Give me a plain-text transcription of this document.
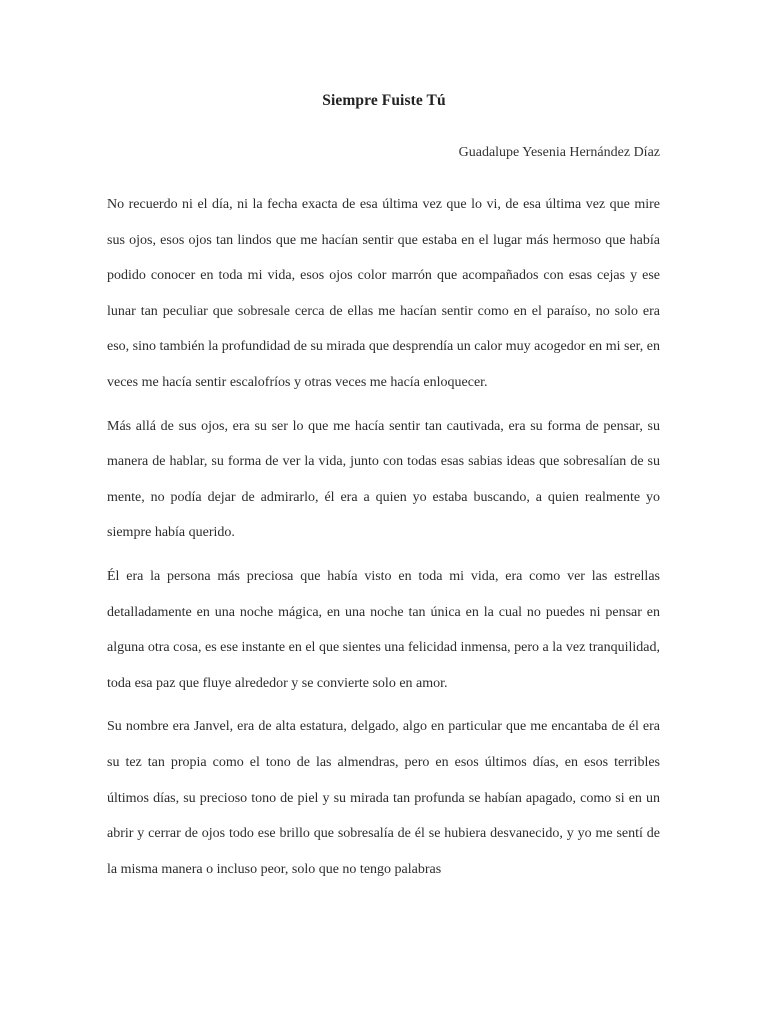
Siempre Fuiste Tú
Guadalupe Yesenia Hernández Díaz

No recuerdo ni el día, ni la fecha exacta de esa última vez que lo vi, de esa última vez que mire sus ojos, esos ojos tan lindos que me hacían sentir que estaba en el lugar más hermoso que había podido conocer en toda mi vida, esos ojos color marrón que acompañados con esas cejas y ese lunar tan peculiar que sobresale cerca de ellas me hacían sentir como en el paraíso, no solo era eso, sino también la profundidad de su mirada que desprendía un calor muy acogedor en mi ser, en veces me hacía sentir escalofríos y otras veces me hacía enloquecer.

Más allá de sus ojos, era su ser lo que me hacía sentir tan cautivada, era su forma de pensar, su manera de hablar, su forma de ver la vida, junto con todas esas sabias ideas que sobresalían de su mente, no podía dejar de admirarlo, él era a quien yo estaba buscando, a quien realmente yo siempre había querido.

Él era la persona más preciosa que había visto en toda mi vida, era como ver las estrellas detalladamente en una noche mágica, en una noche tan única en la cual no puedes ni pensar en alguna otra cosa, es ese instante en el que sientes una felicidad inmensa, pero a la vez tranquilidad, toda esa paz que fluye alrededor y se convierte solo en amor.

Su nombre era Janvel, era de alta estatura, delgado, algo en particular que me encantaba de él era su tez tan propia como el tono de las almendras, pero en esos últimos días, en esos terribles últimos días, su precioso tono de piel y su mirada tan profunda se habían apagado, como si en un abrir y cerrar de ojos todo ese brillo que sobresalía de él se hubiera desvanecido, y yo me sentí de la misma manera o incluso peor, solo que no tengo palabras
